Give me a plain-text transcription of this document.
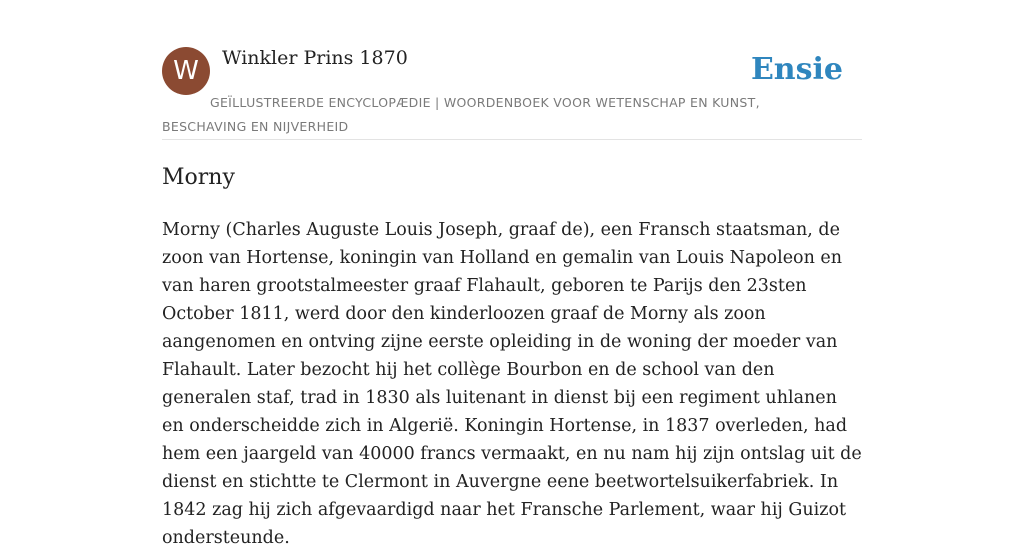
W	Winkler Prins 1870	Ensie
GEÏLLUSTREERDE ENCYCLOPÆDIE | WOORDENBOEK VOOR WETENSCHAP EN KUNST, BESCHAVING EN NIJVERHEID
Morny

Morny (Charles Auguste Louis Joseph, graaf de), een Fransch staatsman, de zoon van Hortense, koningin van Holland en gemalin van Louis Napoleon en van haren grootstalmeester graaf Flahault, geboren te Parijs den 23sten October 1811, werd door den kinderloozen graaf de Morny als zoon aangenomen en ontving zijne eerste opleiding in de woning der moeder van Flahault. Later bezocht hij het collège Bourbon en de school van den generalen staf, trad in 1830 als luitenant in dienst bij een regiment uhlanen en onderscheidde zich in Algerië. Koningin Hortense, in 1837 overleden, had hem een jaargeld van 40000 francs vermaakt, en nu nam hij zijn ontslag uit de dienst en stichtte te Clermont in Auvergne eene beetwortelsuikerfabriek. In 1842 zag hij zich afgevaardigd naar het Fransche Parlement, waar hij Guizot ondersteunde.
